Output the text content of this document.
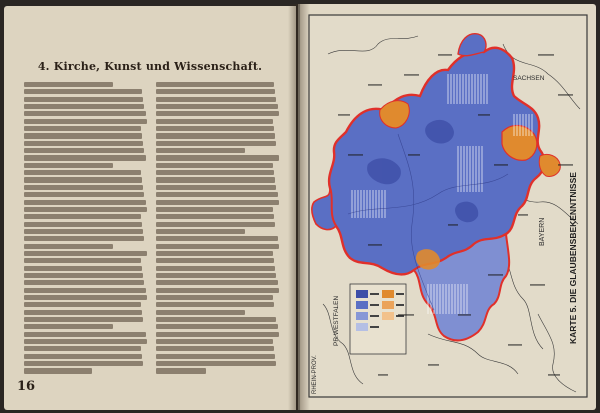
4. Kirche, Kunst und Wissenschaft.
16
SACHSEN
BAYERN
PR.WESTFALEN
RHEIN-PROV.
KARTE 5. DIE GLAUBENSBEKENNTNISSE
